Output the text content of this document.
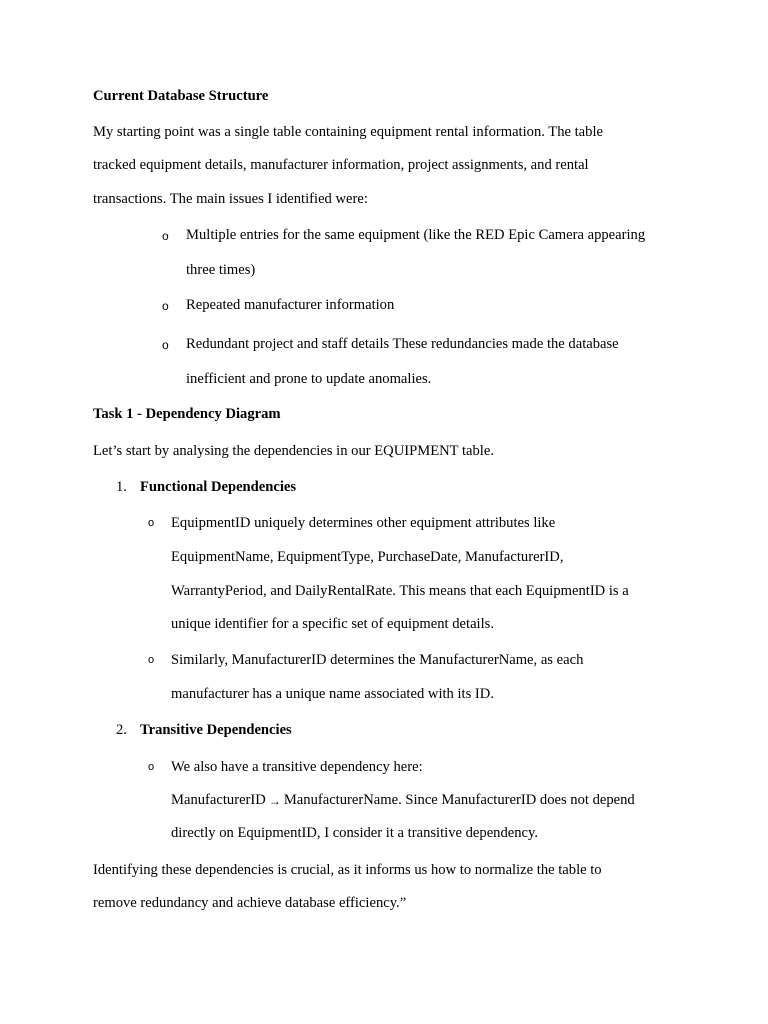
Current Database Structure
My starting point was a single table containing equipment rental information. The table
tracked equipment details, manufacturer information, project assignments, and rental
transactions. The main issues I identified were:
o Multiple entries for the same equipment (like the RED Epic Camera appearing
three times)
o Repeated manufacturer information
o Redundant project and staff details These redundancies made the database
inefficient and prone to update anomalies.
Task 1 - Dependency Diagram
Let’s start by analysing the dependencies in our EQUIPMENT table.
1. Functional Dependencies
o EquipmentID uniquely determines other equipment attributes like
EquipmentName, EquipmentType, PurchaseDate, ManufacturerID,
WarrantyPeriod, and DailyRentalRate. This means that each EquipmentID is a
unique identifier for a specific set of equipment details.
o Similarly, ManufacturerID determines the ManufacturerName, as each
manufacturer has a unique name associated with its ID.
2. Transitive Dependencies
o We also have a transitive dependency here:
ManufacturerID → ManufacturerName. Since ManufacturerID does not depend
directly on EquipmentID, I consider it a transitive dependency.
Identifying these dependencies is crucial, as it informs us how to normalize the table to
remove redundancy and achieve database efficiency.”
